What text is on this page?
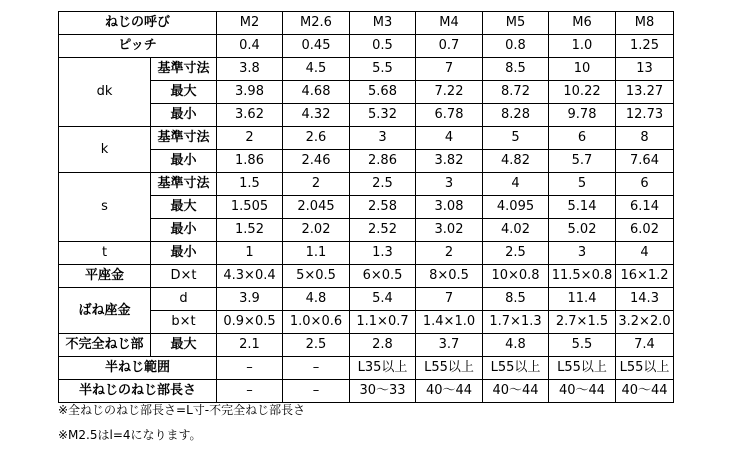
ねじの呼び		M2	M2.6	M3	M4	M5	M6	M8
ピッチ		0.4	0.45	0.5	0.7	0.8	1.0	1.25
dk	基準寸法	3.8	4.5	5.5	7	8.5	10	13
	最大	3.98	4.68	5.68	7.22	8.72	10.22	13.27
	最小	3.62	4.32	5.32	6.78	8.28	9.78	12.73
k	基準寸法	2	2.6	3	4	5	6	8
	最小	1.86	2.46	2.86	3.82	4.82	5.7	7.64
s	基準寸法	1.5	2	2.5	3	4	5	6
	最大	1.505	2.045	2.58	3.08	4.095	5.14	6.14
	最小	1.52	2.02	2.52	3.02	4.02	5.02	6.02
t	最小	1	1.1	1.3	2	2.5	3	4
平座金	D×t	4.3×0.4	5×0.5	6×0.5	8×0.5	10×0.8	11.5×0.8	16×1.2
ばね座金	d	3.9	4.8	5.4	7	8.5	11.4	14.3
	b×t	0.9×0.5	1.0×0.6	1.1×0.7	1.4×1.0	1.7×1.3	2.7×1.5	3.2×2.0
不完全ねじ部	最大	2.1	2.5	2.8	3.7	4.8	5.5	7.4
半ねじ範囲		–	–	L35以上	L55以上	L55以上	L55以上	L55以上
半ねじのねじ部長さ		–	–	30～33	40～44	40～44	40～44	40～44
※全ねじのねじ部長さ=L寸-不完全ねじ部長さ
※M2.5はl=4になります。
